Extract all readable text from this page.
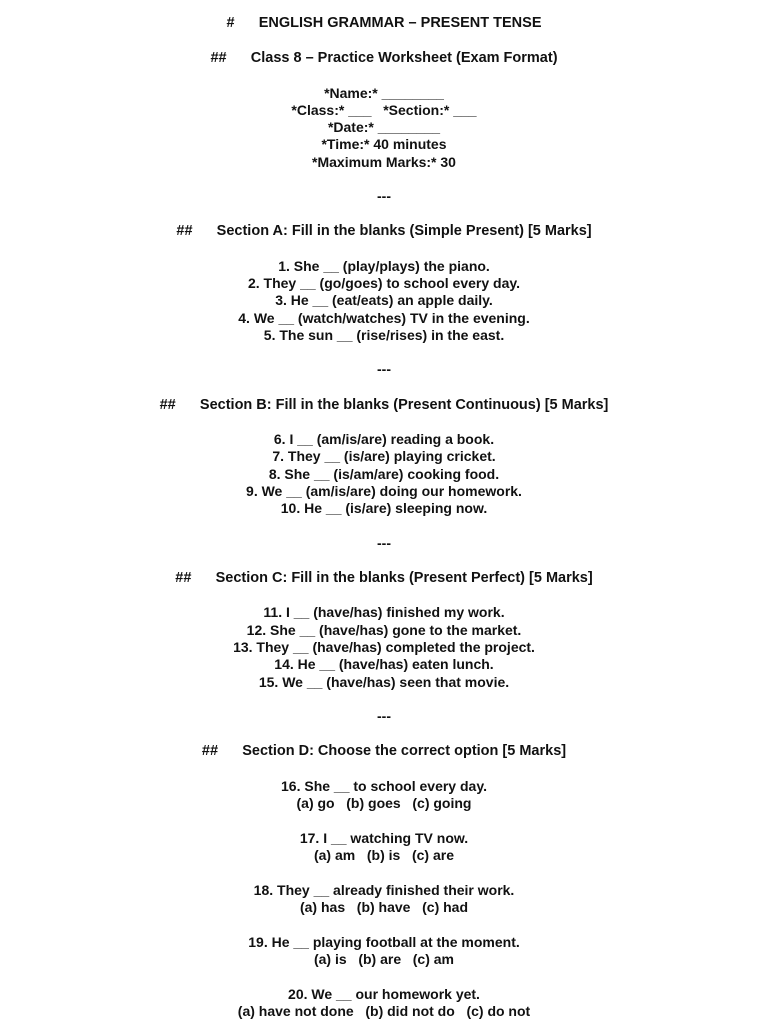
#      ENGLISH GRAMMAR – PRESENT TENSE
##      Class 8 – Practice Worksheet (Exam Format)
*Name:* ________
*Class:* ___   *Section:* ___
*Date:* ________
*Time:* 40 minutes
*Maximum Marks:* 30
---
##      Section A: Fill in the blanks (Simple Present) [5 Marks]
1. She __ (play/plays) the piano.
2. They __ (go/goes) to school every day.
3. He __ (eat/eats) an apple daily.
4. We __ (watch/watches) TV in the evening.
5. The sun __ (rise/rises) in the east.
---
##      Section B: Fill in the blanks (Present Continuous) [5 Marks]
6. I __ (am/is/are) reading a book.
7. They __ (is/are) playing cricket.
8. She __ (is/am/are) cooking food.
9. We __ (am/is/are) doing our homework.
10. He __ (is/are) sleeping now.
---
##      Section C: Fill in the blanks (Present Perfect) [5 Marks]
11. I __ (have/has) finished my work.
12. She __ (have/has) gone to the market.
13. They __ (have/has) completed the project.
14. He __ (have/has) eaten lunch.
15. We __ (have/has) seen that movie.
---
##      Section D: Choose the correct option [5 Marks]
16. She __ to school every day.
(a) go   (b) goes   (c) going
17. I __ watching TV now.
(a) am   (b) is   (c) are
18. They __ already finished their work.
(a) has   (b) have   (c) had
19. He __ playing football at the moment.
(a) is   (b) are   (c) am
20. We __ our homework yet.
(a) have not done   (b) did not do   (c) do not
